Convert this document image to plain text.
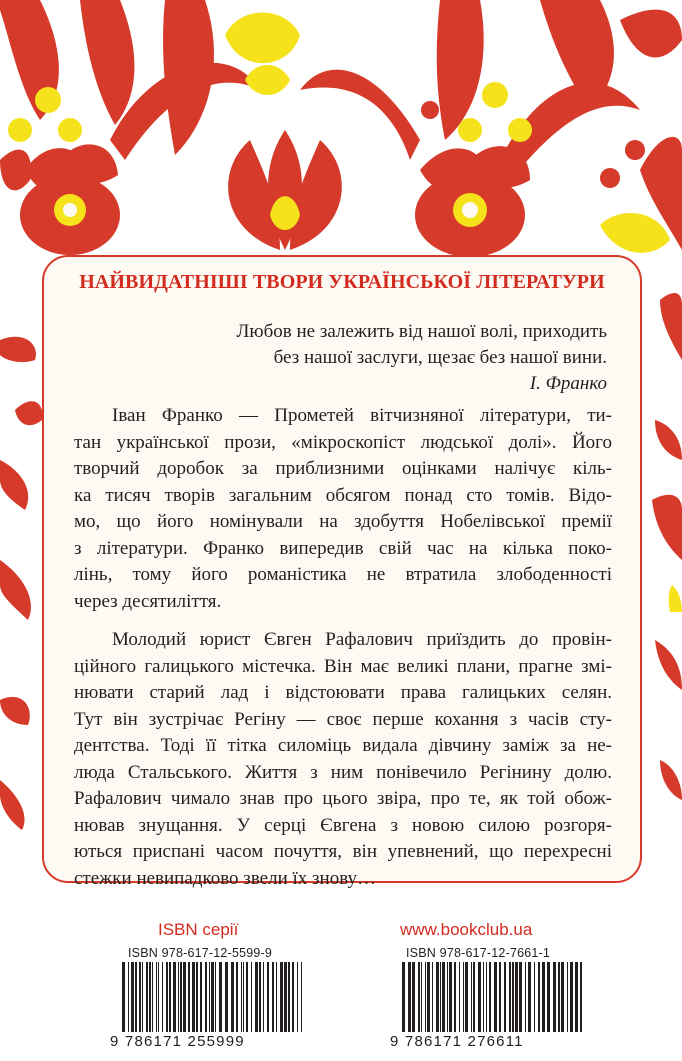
НАЙВИДАТНІШІ ТВОРИ УКРАЇНСЬКОЇ ЛІТЕРАТУРИ
Любов не залежить від нашої волі, приходить
без нашої заслуги, щезає без нашої вини.
І. Франко
Іван Франко — Прометей вітчизняної літератури, ти-
тан української прози, «мікроскопіст людської долі». Його
творчий доробок за приблизними оцінками налічує кіль-
ка тисяч творів загальним обсягом понад сто томів. Відо-
мо, що його номінували на здобуття Нобелівської премії
з літератури. Франко випередив свій час на кілька поко-
лінь, тому його романістика не втратила злободенності
через десятиліття.
Молодий юрист Євген Рафалович приїздить до провін-
ційного галицького містечка. Він має великі плани, прагне змі-
нювати старий лад і відстоювати права галицьких селян.
Тут він зустрічає Регіну — своє перше кохання з часів сту-
дентства. Тоді її тітка силоміць видала дівчину заміж за не-
люда Стальського. Життя з ним понівечило Регінину долю.
Рафалович чимало знав про цього звіра, про те, як той обож-
нював знущання. У серці Євгена з новою силою розгоря-
ються приспані часом почуття, він упевнений, що перехресні
стежки невипадково звели їх знову…
ISBN серії
ISBN 978-617-12-5599-9
9 786171 255999
www.bookclub.ua
ISBN 978-617-12-7661-1
9 786171 276611
